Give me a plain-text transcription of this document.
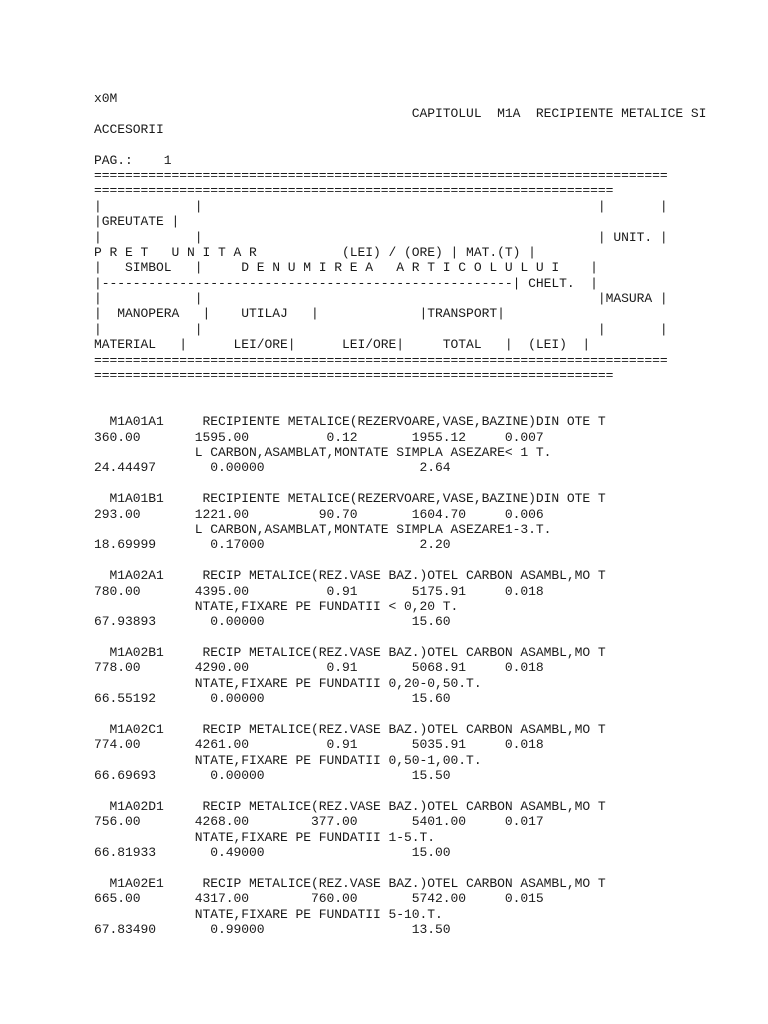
x0M
CAPITOLUL  M1A  RECIPIENTE METALICE SI
ACCESORII
PAG.:    1
==========================================================================
===================================================================
|            |                                                   |       |
|GREUTATE |
|            |                                                   | UNIT. |
P R E T   U N I T A R           (LEI) / (ORE) | MAT.(T) |
|   SIMBOL   |     D E N U M I R E A   A R T I C O L U L U I    |
|-----------------------------------------------------| CHELT.  |
|            |                                                   |MASURA |
|  MANOPERA   |    UTILAJ   |             |TRANSPORT|
|            |                                                   |       |
MATERIAL   |      LEI/ORE|      LEI/ORE|     TOTAL   |  (LEI)  |
==========================================================================
===================================================================
M1A01A1     RECIPIENTE METALICE(REZERVOARE,VASE,BAZINE)DIN OTE T
360.00       1595.00          0.12       1955.12     0.007
L CARBON,ASAMBLAT,MONTATE SIMPLA ASEZARE< 1 T.
24.44497       0.00000                    2.64
M1A01B1     RECIPIENTE METALICE(REZERVOARE,VASE,BAZINE)DIN OTE T
293.00       1221.00         90.70       1604.70     0.006
L CARBON,ASAMBLAT,MONTATE SIMPLA ASEZARE1-3.T.
18.69999       0.17000                    2.20
M1A02A1     RECIP METALICE(REZ.VASE BAZ.)OTEL CARBON ASAMBL,MO T
780.00       4395.00          0.91       5175.91     0.018
NTATE,FIXARE PE FUNDATII < 0,20 T.
67.93893       0.00000                   15.60
M1A02B1     RECIP METALICE(REZ.VASE BAZ.)OTEL CARBON ASAMBL,MO T
778.00       4290.00          0.91       5068.91     0.018
NTATE,FIXARE PE FUNDATII 0,20-0,50.T.
66.55192       0.00000                   15.60
M1A02C1     RECIP METALICE(REZ.VASE BAZ.)OTEL CARBON ASAMBL,MO T
774.00       4261.00          0.91       5035.91     0.018
NTATE,FIXARE PE FUNDATII 0,50-1,00.T.
66.69693       0.00000                   15.50
M1A02D1     RECIP METALICE(REZ.VASE BAZ.)OTEL CARBON ASAMBL,MO T
756.00       4268.00        377.00       5401.00     0.017
NTATE,FIXARE PE FUNDATII 1-5.T.
66.81933       0.49000                   15.00
M1A02E1     RECIP METALICE(REZ.VASE BAZ.)OTEL CARBON ASAMBL,MO T
665.00       4317.00        760.00       5742.00     0.015
NTATE,FIXARE PE FUNDATII 5-10.T.
67.83490       0.99000                   13.50
